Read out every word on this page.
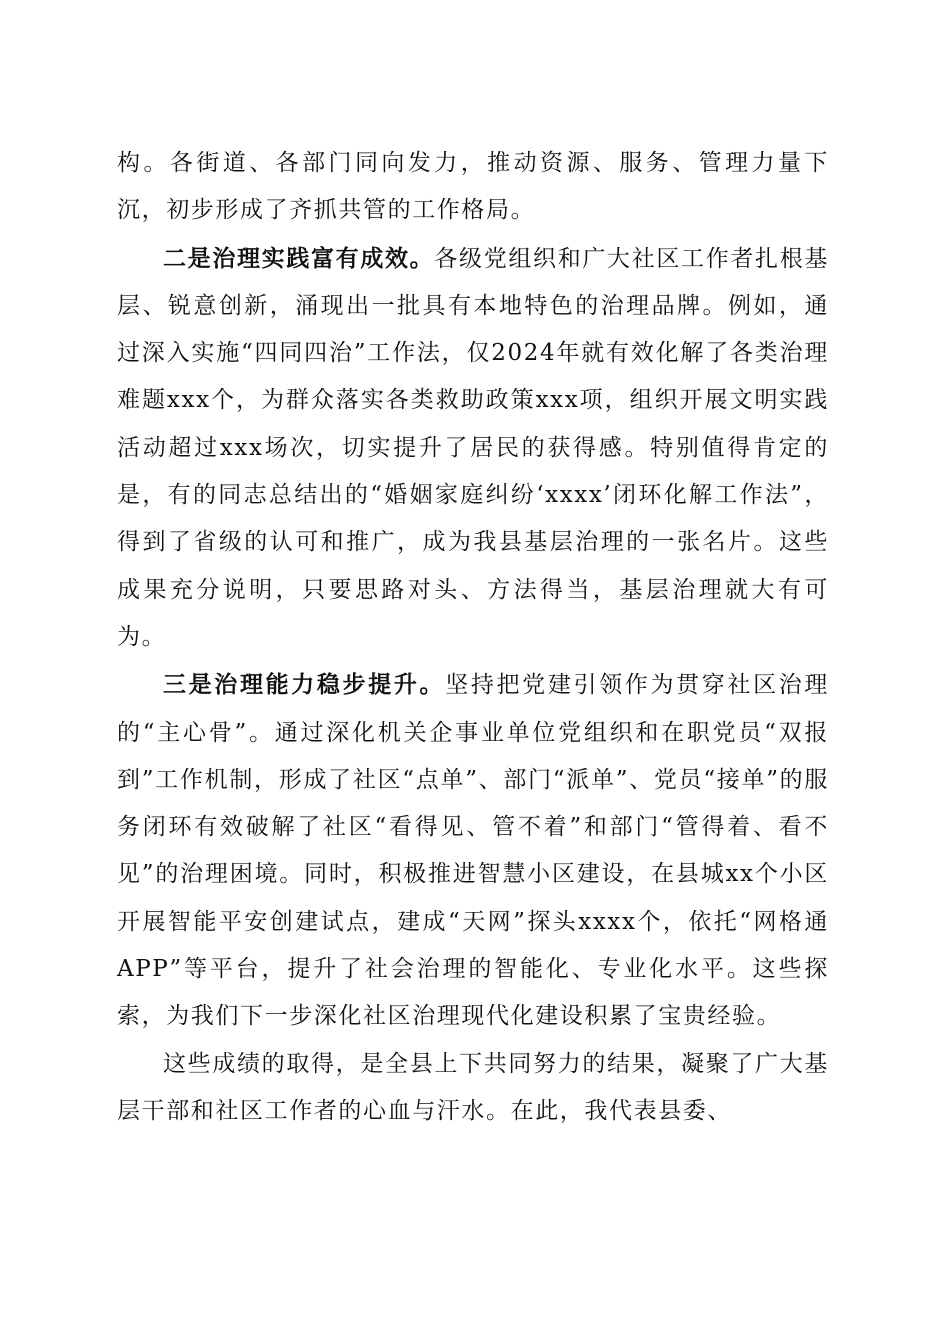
构。各街道、各部门同向发力，推动资源、服务、管理力量下沉，初步形成了齐抓共管的工作格局。

二是治理实践富有成效。各级党组织和广大社区工作者扎根基层、锐意创新，涌现出一批具有本地特色的治理品牌。例如，通过深入实施“四同四治”工作法，仅2024年就有效化解了各类治理难题xxx个，为群众落实各类救助政策xxx项，组织开展文明实践活动超过xxx场次，切实提升了居民的获得感。特别值得肯定的是，有的同志总结出的“婚姻家庭纠纷‘xxxx’闭环化解工作法”，得到了省级的认可和推广，成为我县基层治理的一张名片。这些成果充分说明，只要思路对头、方法得当，基层治理就大有可为。

三是治理能力稳步提升。坚持把党建引领作为贯穿社区治理的“主心骨”。通过深化机关企事业单位党组织和在职党员“双报到”工作机制，形成了社区“点单”、部门“派单”、党员“接单”的服务闭环有效破解了社区“看得见、管不着”和部门“管得着、看不见”的治理困境。同时，积极推进智慧小区建设，在县城xx个小区开展智能平安创建试点，建成“天网”探头xxxx个，依托“网格通APP”等平台，提升了社会治理的智能化、专业化水平。这些探索，为我们下一步深化社区治理现代化建设积累了宝贵经验。

这些成绩的取得，是全县上下共同努力的结果，凝聚了广大基层干部和社区工作者的心血与汗水。在此，我代表县委、
